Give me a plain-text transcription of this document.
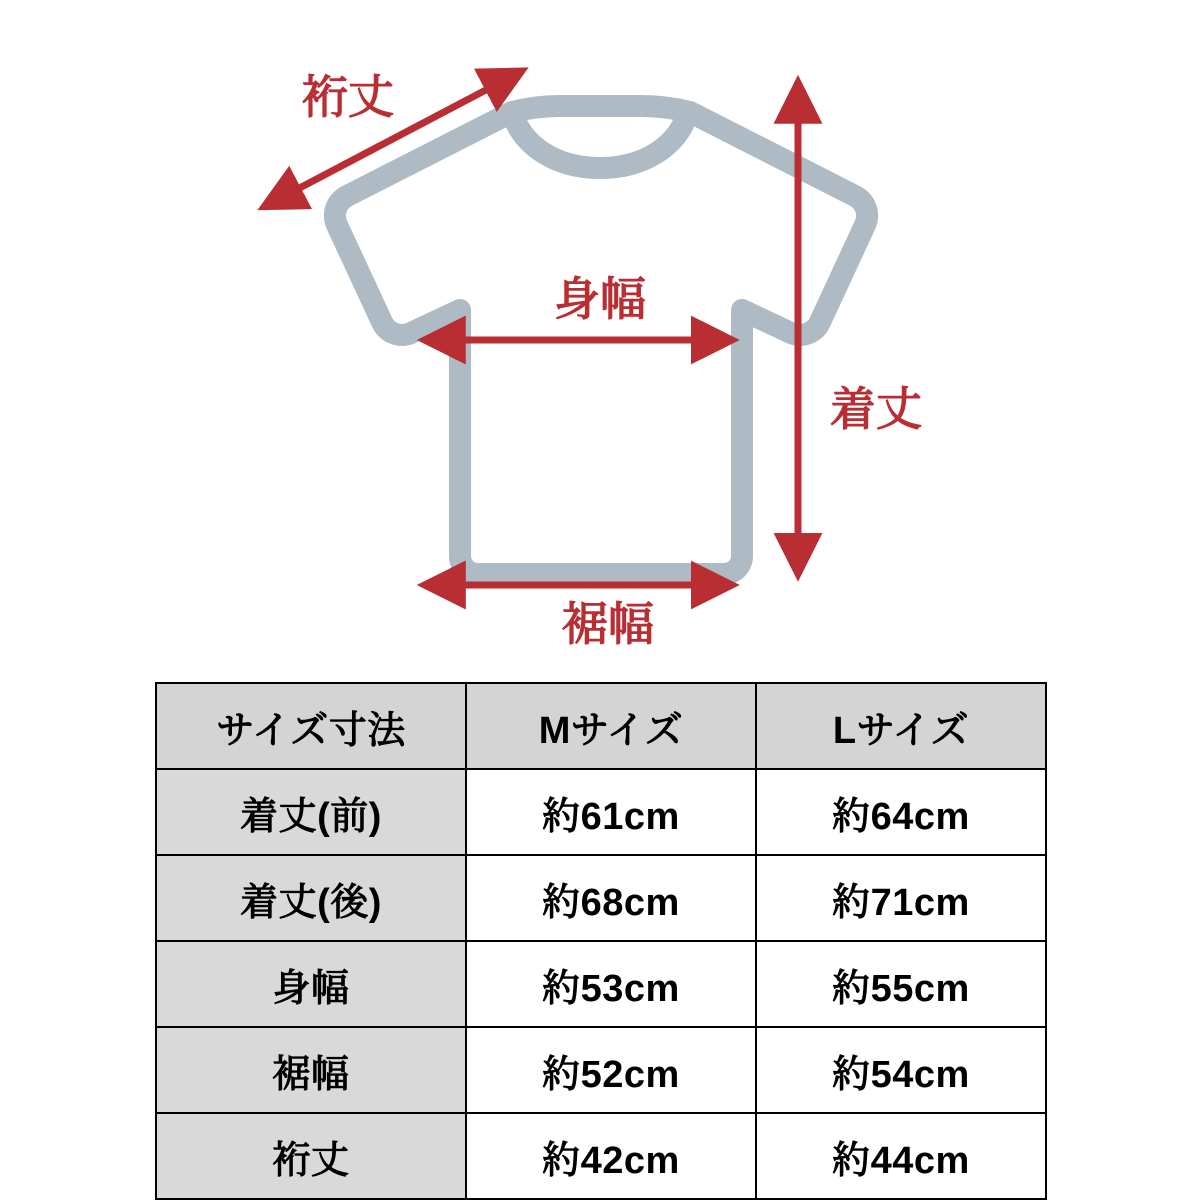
裄丈
身幅
着丈
裾幅
サイズ寸法	Mサイズ	Lサイズ
着丈(前)	約61cm	約64cm
着丈(後)	約68cm	約71cm
身幅	約53cm	約55cm
裾幅	約52cm	約54cm
裄丈	約42cm	約44cm
